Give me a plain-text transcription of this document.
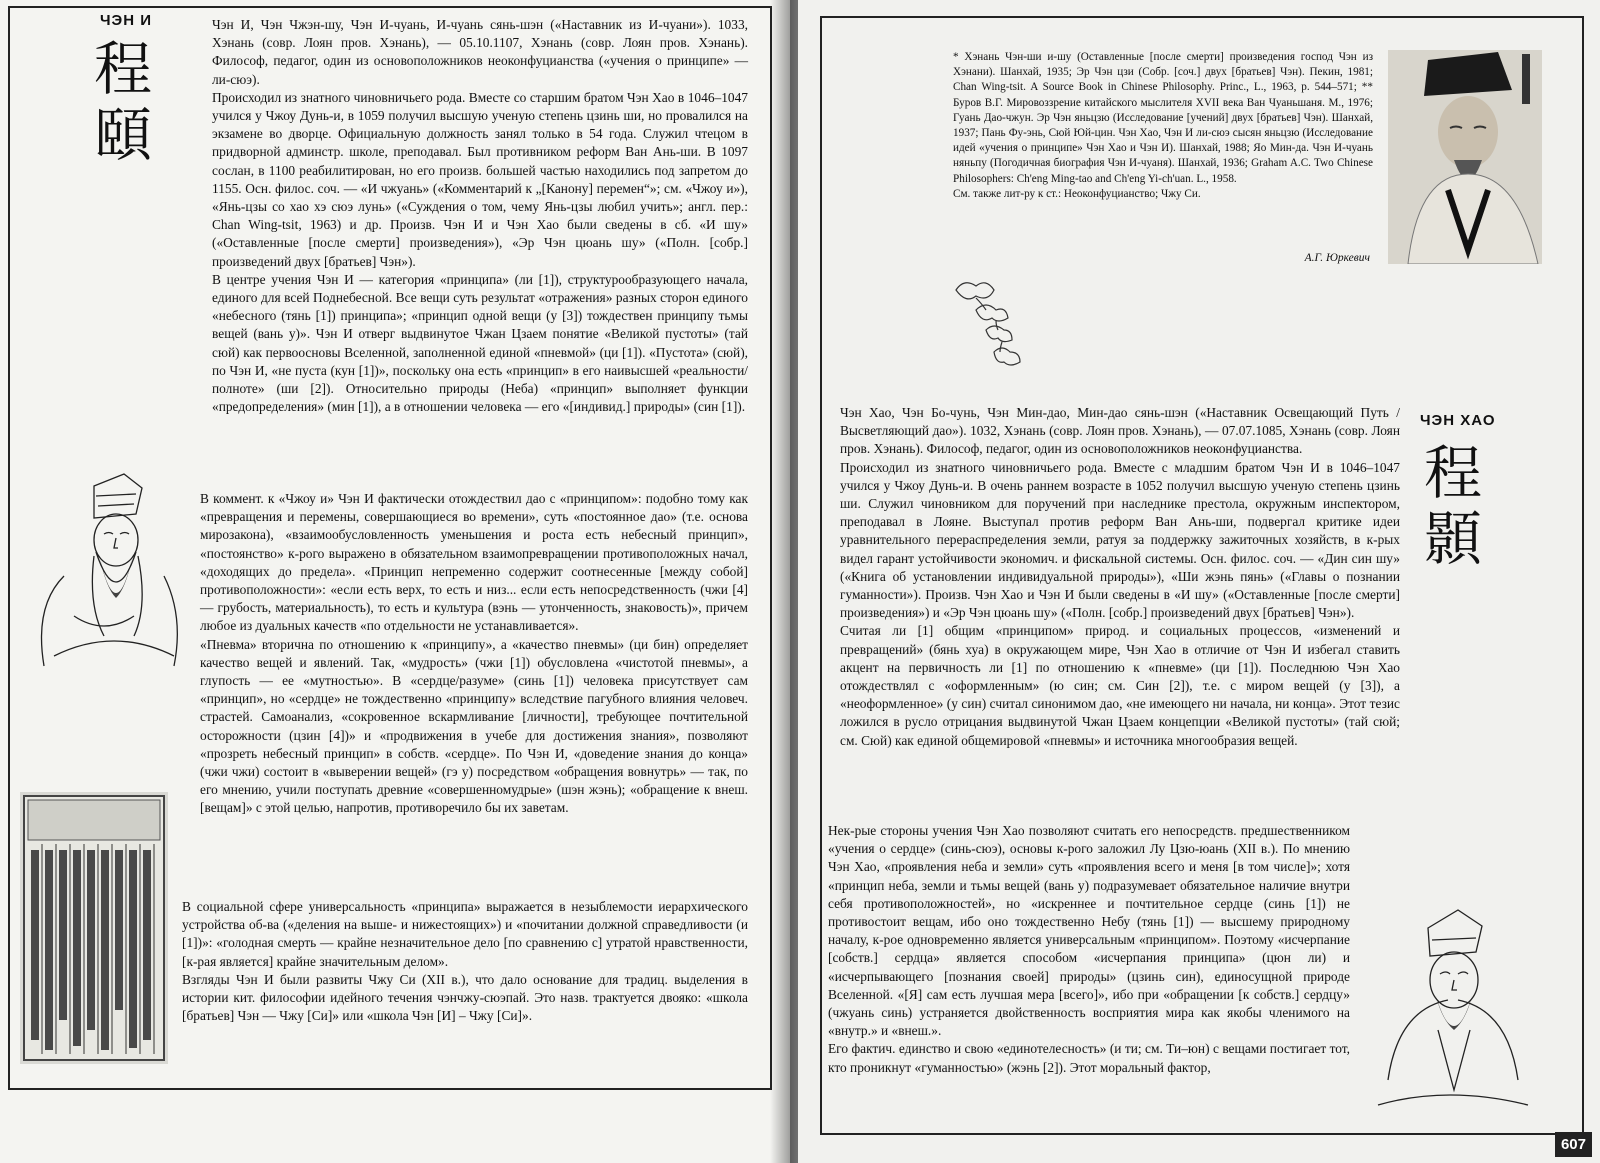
ЧЭН И
程
頤

Чэн И, Чэн Чжэн-шу, Чэн И-чуань, И-чуань сянь-шэн («Наставник из И-чуани»). 1033, Хэнань (совр. Лоян пров. Хэнань), — 05.10.1107, Хэнань (совр. Лоян пров. Хэнань). Философ, педагог, один из основоположников неоконфуцианства («учения о принципе» — ли-сюэ).

Происходил из знатного чиновничьего рода. Вместе со старшим братом Чэн Хао в 1046–1047 учился у Чжоу Дунь-и, в 1059 получил высшую ученую степень цзинь ши, но провалился на экзамене во дворце. Официальную должность занял только в 54 года. Служил чтецом в придворной админстр. школе, преподавал. Был противником реформ Ван Ань-ши. В 1097 сослан, в 1100 реабилитирован, но его произв. большей частью находились под запретом до 1155. Осн. филос. соч. — «И чжуань» («Комментарий к „[Канону] перемен“»; см. «Чжоу и»), «Янь-цзы со хао хэ сюэ лунь» («Суждения о том, чему Янь-цзы любил учить»; англ. пер.: Chan Wing-tsit, 1963) и др. Произв. Чэн И и Чэн Хао были сведены в сб. «И шу» («Оставленные [после смерти] произведения»), «Эр Чэн цюань шу» («Полн. [собр.] произведений двух [братьев] Чэн»).

В центре учения Чэн И — категория «принципа» (ли [1]), структурообразующего начала, единого для всей Поднебесной. Все вещи суть результат «отражения» разных сторон единого «небесного (тянь [1]) принципа»; «принцип одной вещи (у [3]) тождествен принципу тьмы вещей (вань у)». Чэн И отверг выдвинутое Чжан Цзаем понятие «Великой пустоты» (тай сюй) как первоосновы Вселенной, заполненной единой «пневмой» (ци [1]). «Пустота» (сюй), по Чэн И, «не пуста (кун [1])», поскольку она есть «принцип» в его наивысшей «реальности/полноте» (ши [2]). Относительно природы (Неба) «принцип» выполняет функции «предопределения» (мин [1]), а в отношении человека — его «[индивид.] природы» (син [1]).

В коммент. к «Чжоу и» Чэн И фактически отождествил дао с «принципом»: подобно тому как «превращения и перемены, совершающиеся во времени», суть «постоянное дао» (т.е. основа мирозакона), «взаимообусловленность уменьшения и роста есть небесный принцип», «постоянство» к-рого выражено в обязательном взаимопревращении противоположных начал, «доходящих до предела». «Принцип непременно содержит соотнесенные [между собой] противоположности»: «если есть верх, то есть и низ... если есть непосредственность (чжи [4] — грубость, материальность), то есть и культура (вэнь — утонченность, знаковость)», причем любое из дуальных качеств «по отдельности не устанавливается».

«Пневма» вторична по отношению к «принципу», а «качество пневмы» (ци бин) определяет качество вещей и явлений. Так, «мудрость» (чжи [1]) обусловлена «чистотой пневмы», а глупость — ее «мутностью». В «сердце/разуме» (синь [1]) человека присутствует сам «принцип», но «сердце» не тождественно «принципу» вследствие пагубного влияния человеч. страстей. Самоанализ, «сокровенное вскармливание [личности], требующее почтительной осторожности (цзин [4])» и «продвижения в учебе для достижения знания», позволяют «прозреть небесный принцип» в собств. «сердце». По Чэн И, «доведение знания до конца» (чжи чжи) состоит в «выверении вещей» (гэ у) посредством «обращения вовнутрь» — так, по его мнению, учили поступать древние «совершенномудрые» (шэн жэнь); «обращение к внеш. [вещам]» с этой целью, напротив, противоречило бы их заветам.

В социальной сфере универсальность «принципа» выражается в незыблемости иерархического устройства об-ва («деления на выше- и нижестоящих») и «почитании должной справедливости (и [1])»: «голодная смерть — крайне незначительное дело [по сравнению с] утратой нравственности, [к-рая является] крайне значительным делом».

Взгляды Чэн И были развиты Чжу Си (XII в.), что дало основание для традиц. выделения в истории кит. философии идейного течения чэнчжу-сюэпай. Это назв. трактуется двояко: «школа [братьев] Чэн — Чжу [Си]» или «школа Чэн [И] – Чжу [Си]».

* Хэнань Чэн-ши и-шу (Оставленные [после смерти] произведения господ Чэн из Хэнани). Шанхай, 1935; Эр Чэн цзи (Собр. [соч.] двух [братьев] Чэн). Пекин, 1981; Chan Wing-tsit. A Source Book in Chinese Philosophy. Princ., L., 1963, p. 544–571; ** Буров В.Г. Мировоззрение китайского мыслителя XVII века Ван Чуаньшаня. М., 1976; Гуань Дао-чжун. Эр Чэн яньцзю (Исследование [учений] двух [братьев] Чэн). Шанхай, 1937; Пань Фу-энь, Сюй Юй-цин. Чэн Хао, Чэн И ли-сюэ сысян яньцзю (Исследование идей «учения о принципе» Чэн Хао и Чэн И). Шанхай, 1988; Яо Мин-да. Чэн И-чуань няньпу (Погодичная биография Чэн И-чуаня). Шанхай, 1936; Graham A.C. Two Chinese Philosophers: Ch'eng Ming-tao and Ch'eng Yi-ch'uan. L., 1958.
См. также лит-ру к ст.: Неоконфуцианство; Чжу Си.
А.Г. Юркевич
ЧЭН ХАО
程
顥

Чэн Хао, Чэн Бо-чунь, Чэн Мин-дао, Мин-дао сянь-шэн («Наставник Освещающий Путь / Высветляющий дао»). 1032, Хэнань (совр. Лоян пров. Хэнань), — 07.07.1085, Хэнань (совр. Лоян пров. Хэнань). Философ, педагог, один из основоположников неоконфуцианства.

Происходил из знатного чиновничьего рода. Вместе с младшим братом Чэн И в 1046–1047 учился у Чжоу Дунь-и. В очень раннем возрасте в 1052 получил высшую ученую степень цзинь ши. Служил чиновником для поручений при наследнике престола, окружным инспектором, преподавал в Лояне. Выступал против реформ Ван Ань-ши, подвергал критике идеи уравнительного перераспределения земли, ратуя за поддержку зажиточных хозяйств, в к-рых видел гарант устойчивости экономич. и фискальной системы. Осн. филос. соч. — «Дин син шу» («Книга об установлении индивидуальной природы»), «Ши жэнь пянь» («Главы о познании гуманности»). Произв. Чэн Хао и Чэн И были сведены в «И шу» («Оставленные [после смерти] произведения») и «Эр Чэн цюань шу» («Полн. [собр.] произведений двух [братьев] Чэн»).

Считая ли [1] общим «принципом» природ. и социальных процессов, «изменений и превращений» (бянь хуа) в окружающем мире, Чэн Хао в отличие от Чэн И избегал ставить акцент на первичность ли [1] по отношению к «пневме» (ци [1]). Последнюю Чэн Хао отождествлял с «оформленным» (ю син; см. Син [2]), т.е. с миром вещей (у [3]), а «неоформленное» (у син) считал синонимом дао, «не имеющего ни начала, ни конца». Этот тезис ложился в русло отрицания выдвинутой Чжан Цзаем концепции «Великой пустоты» (тай сюй; см. Сюй) как единой общемировой «пневмы» и источника многообразия вещей.

Нек-рые стороны учения Чэн Хао позволяют считать его непосредств. предшественником «учения о сердце» (синь-сюэ), основы к-рого заложил Лу Цзю-юань (XII в.). По мнению Чэн Хао, «проявления неба и земли» суть «проявления всего и меня [в том числе]»; хотя «принцип неба, земли и тьмы вещей (вань у) подразумевает обязательное наличие внутри себя противоположностей», но «искреннее и почтительное сердце (синь [1]) не противостоит вещам, ибо оно тождественно Небу (тянь [1]) — высшему природному началу, к-рое одновременно является универсальным «принципом». Поэтому «исчерпание [собств.] сердца» является способом «исчерпания принципа» (цюн ли) и «исчерпывающего [познания своей] природы» (цзинь син), единосущной природе Вселенной. «[Я] сам есть лучшая мера [всего]», ибо при «обращении [к собств.] сердцу» (чжуань синь) устраняется двойственность восприятия мира как якобы членимого на «внутр.» и «внеш.».

Его фактич. единство и свою «единотелесность» (и ти; см. Ти–юн) с вещами постигает тот, кто проникнут «гуманностью» (жэнь [2]). Этот моральный фактор,

607
